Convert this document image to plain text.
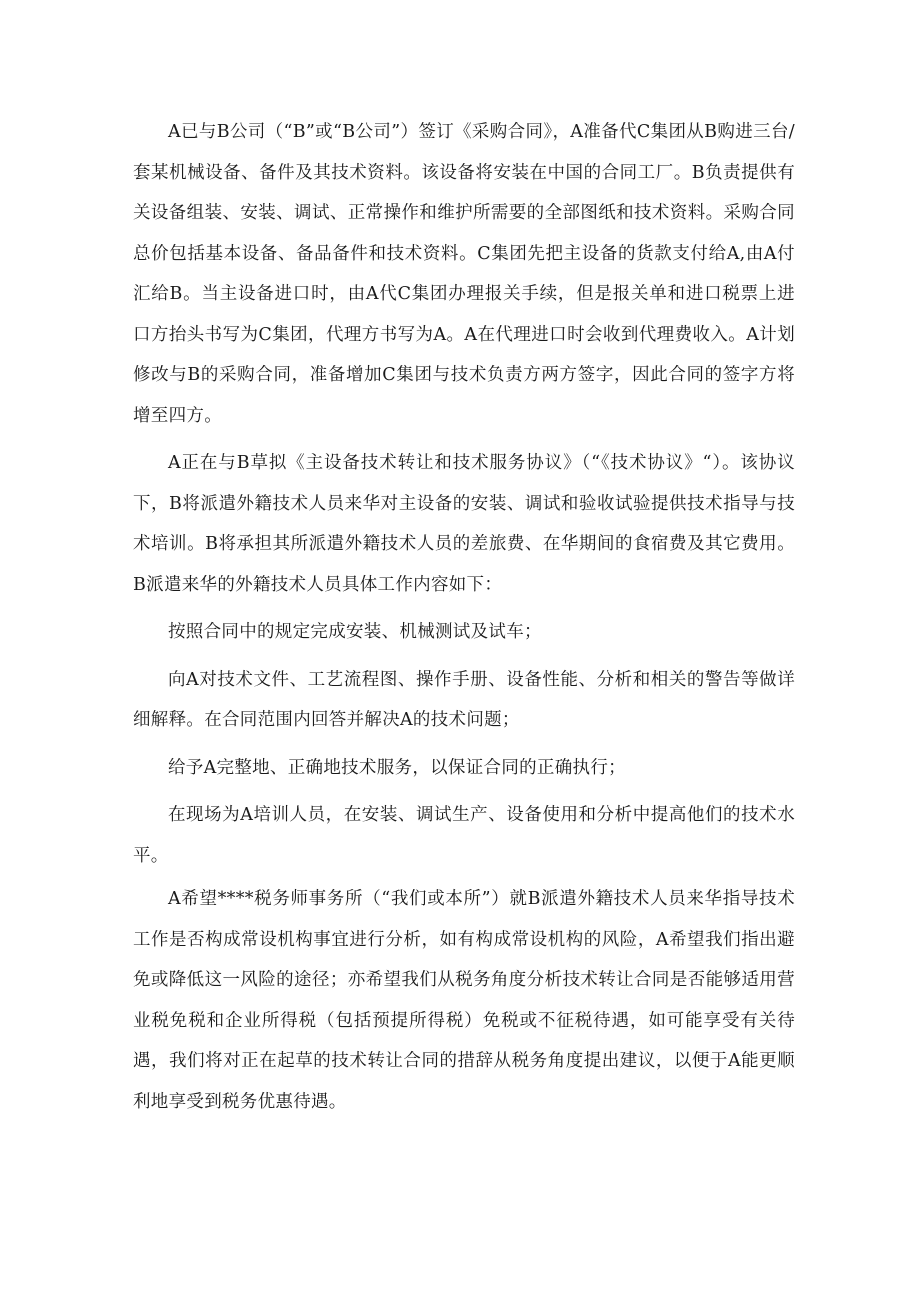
A已与B公司（“B”或“B公司”）签订《采购合同》，A准备代C集团从B购进三台/套某机械设备、备件及其技术资料。该设备将安装在中国的合同工厂。B负责提供有关设备组装、安装、调试、正常操作和维护所需要的全部图纸和技术资料。采购合同总价包括基本设备、备品备件和技术资料。C集团先把主设备的货款支付给A,由A付汇给B。当主设备进口时，由A代C集团办理报关手续，但是报关单和进口税票上进口方抬头书写为C集团，代理方书写为A。A在代理进口时会收到代理费收入。A计划修改与B的采购合同，准备增加C集团与技术负责方两方签字，因此合同的签字方将增至四方。

A正在与B草拟《主设备技术转让和技术服务协议》（“《技术协议》“）。该协议下，B将派遣外籍技术人员来华对主设备的安装、调试和验收试验提供技术指导与技术培训。B将承担其所派遣外籍技术人员的差旅费、在华期间的食宿费及其它费用。B派遣来华的外籍技术人员具体工作内容如下：

按照合同中的规定完成安装、机械测试及试车；

向A对技术文件、工艺流程图、操作手册、设备性能、分析和相关的警告等做详细解释。在合同范围内回答并解决A的技术问题；

给予A完整地、正确地技术服务，以保证合同的正确执行；

在现场为A培训人员，在安装、调试生产、设备使用和分析中提高他们的技术水平。

A希望****税务师事务所（“我们或本所”）就B派遣外籍技术人员来华指导技术工作是否构成常设机构事宜进行分析，如有构成常设机构的风险，A希望我们指出避免或降低这一风险的途径；亦希望我们从税务角度分析技术转让合同是否能够适用营业税免税和企业所得税（包括预提所得税）免税或不征税待遇，如可能享受有关待遇，我们将对正在起草的技术转让合同的措辞从税务角度提出建议，以便于A能更顺利地享受到税务优惠待遇。
